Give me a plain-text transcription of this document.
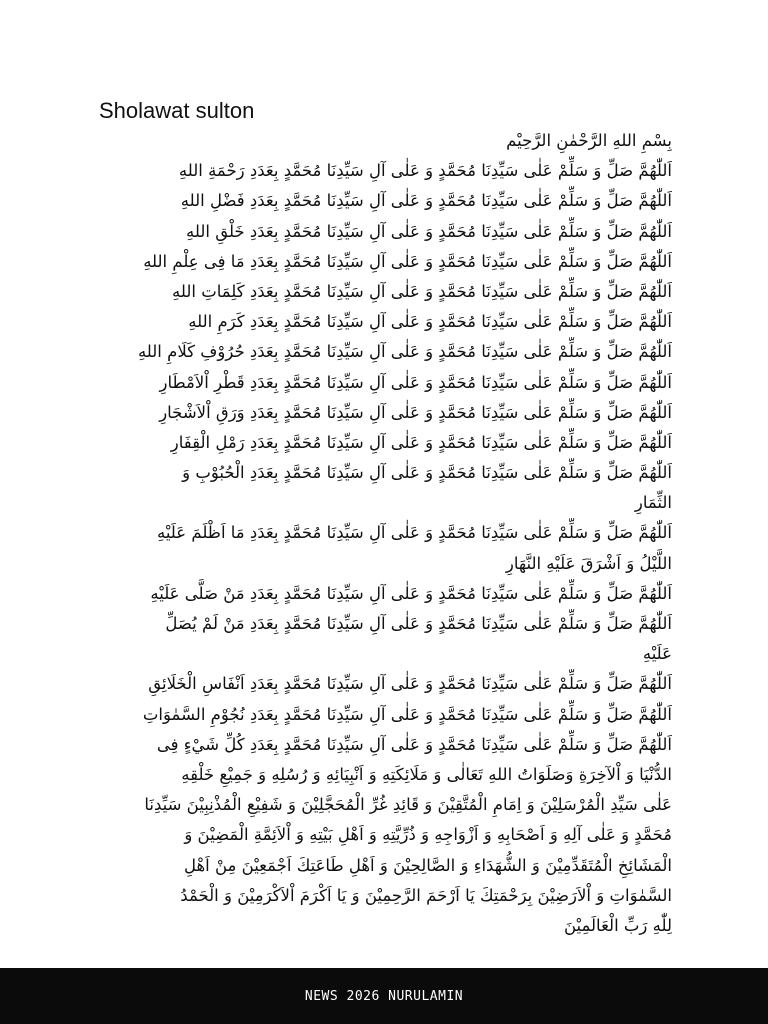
Sholawat sulton
بِسْمِ اللهِ الرَّحْمٰنِ الرَّحِيْم
اَللّٰهُمَّ صَلِّ وَ سَلِّمْ عَلٰى سَيِّدِنَا مُحَمَّدٍ وَ عَلٰى آلِ سَيِّدِنَا مُحَمَّدٍ بِعَدَدِ رَحْمَةِ اللهِ
اَللّٰهُمَّ صَلِّ وَ سَلِّمْ عَلٰى سَيِّدِنَا مُحَمَّدٍ وَ عَلٰى آلِ سَيِّدِنَا مُحَمَّدٍ بِعَدَدِ فَضْلِ اللهِ
اَللّٰهُمَّ صَلِّ وَ سَلِّمْ عَلٰى سَيِّدِنَا مُحَمَّدٍ وَ عَلٰى آلِ سَيِّدِنَا مُحَمَّدٍ بِعَدَدِ خَلْقِ اللهِ
اَللّٰهُمَّ صَلِّ وَ سَلِّمْ عَلٰى سَيِّدِنَا مُحَمَّدٍ وَ عَلٰى آلِ سَيِّدِنَا مُحَمَّدٍ بِعَدَدِ مَا فِى عِلْمِ اللهِ
اَللّٰهُمَّ صَلِّ وَ سَلِّمْ عَلٰى سَيِّدِنَا مُحَمَّدٍ وَ عَلٰى آلِ سَيِّدِنَا مُحَمَّدٍ بِعَدَدِ كَلِمَاتِ اللهِ
اَللّٰهُمَّ صَلِّ وَ سَلِّمْ عَلٰى سَيِّدِنَا مُحَمَّدٍ وَ عَلٰى آلِ سَيِّدِنَا مُحَمَّدٍ بِعَدَدِ كَرَمِ اللهِ
اَللّٰهُمَّ صَلِّ وَ سَلِّمْ عَلٰى سَيِّدِنَا مُحَمَّدٍ وَ عَلٰى آلِ سَيِّدِنَا مُحَمَّدٍ بِعَدَدِ حُرُوْفِ كَلَامِ اللهِ
اَللّٰهُمَّ صَلِّ وَ سَلِّمْ عَلٰى سَيِّدِنَا مُحَمَّدٍ وَ عَلٰى آلِ سَيِّدِنَا مُحَمَّدٍ بِعَدَدِ قَطْرِ اْلاَمْطَارِ
اَللّٰهُمَّ صَلِّ وَ سَلِّمْ عَلٰى سَيِّدِنَا مُحَمَّدٍ وَ عَلٰى آلِ سَيِّدِنَا مُحَمَّدٍ بِعَدَدِ وَرَقِ اْلاَشْجَارِ
اَللّٰهُمَّ صَلِّ وَ سَلِّمْ عَلٰى سَيِّدِنَا مُحَمَّدٍ وَ عَلٰى آلِ سَيِّدِنَا مُحَمَّدٍ بِعَدَدِ رَمْلِ الْقِفَارِ
اَللّٰهُمَّ صَلِّ وَ سَلِّمْ عَلٰى سَيِّدِنَا مُحَمَّدٍ وَ عَلٰى آلِ سَيِّدِنَا مُحَمَّدٍ بِعَدَدِ الْحُبُوْبِ وَ
الثِّمَارِ
اَللّٰهُمَّ صَلِّ وَ سَلِّمْ عَلٰى سَيِّدِنَا مُحَمَّدٍ وَ عَلٰى آلِ سَيِّدِنَا مُحَمَّدٍ بِعَدَدِ مَا اَظْلَمَ عَلَيْهِ
اللَّيْلُ وَ اَشْرَقَ عَلَيْهِ النَّهَارِ
اَللّٰهُمَّ صَلِّ وَ سَلِّمْ عَلٰى سَيِّدِنَا مُحَمَّدٍ وَ عَلٰى آلِ سَيِّدِنَا مُحَمَّدٍ بِعَدَدِ مَنْ صَلَّى عَلَيْهِ
اَللّٰهُمَّ صَلِّ وَ سَلِّمْ عَلٰى سَيِّدِنَا مُحَمَّدٍ وَ عَلٰى آلِ سَيِّدِنَا مُحَمَّدٍ بِعَدَدِ مَنْ لَمْ يُصَلِّ
عَلَيْهِ
اَللّٰهُمَّ صَلِّ وَ سَلِّمْ عَلٰى سَيِّدِنَا مُحَمَّدٍ وَ عَلٰى آلِ سَيِّدِنَا مُحَمَّدٍ بِعَدَدِ اَنْفَاسِ الْخَلَائِقِ
اَللّٰهُمَّ صَلِّ وَ سَلِّمْ عَلٰى سَيِّدِنَا مُحَمَّدٍ وَ عَلٰى آلِ سَيِّدِنَا مُحَمَّدٍ بِعَدَدِ نُجُوْمِ السَّمٰوَاتِ
اَللّٰهُمَّ صَلِّ وَ سَلِّمْ عَلٰى سَيِّدِنَا مُحَمَّدٍ وَ عَلٰى آلِ سَيِّدِنَا مُحَمَّدٍ بِعَدَدِ كُلِّ شَيْءٍ فِى
الدُّنْيَا وَ اْلآخِرَةِ وَصَلَوَاتُ اللهِ تَعَالٰى وَ مَلَائِكَتِهِ وَ اَنْبِيَائِهِ وَ رُسُلِهِ وَ جَمِيْعِ خَلْقِهِ
عَلٰى سَيِّدِ الْمُرْسَلِيْنَ وَ اِمَامِ الْمُتَّقِيْنَ وَ قَائِدِ غُرِّ الْمُحَجَّلِيْنَ وَ شَفِيْعِ الْمُذْنِبِيْنَ سَيِّدِنَا
مُحَمَّدٍ وَ عَلٰى آلِهِ وَ اَصْحَابِهِ وَ اَزْوَاجِهِ وَ ذُرِّيَّتِهِ وَ اَهْلِ بَيْتِهِ وَ اْلاَئِمَّةِ الْمَضِيْنَ وَ
الْمَشَائِخِ الْمُتَقَدِّمِيْنَ وَ الشُّهَدَاءِ وَ الصَّالِحِيْنَ وَ اَهْلِ طَاعَتِكَ اَجْمَعِيْنَ مِنْ اَهْلِ
السَّمٰوَاتِ وَ اْلاَرَضِيْنَ بِرَحْمَتِكَ يَا اَرْحَمَ الرَّحِمِيْنَ وَ يَا اَكْرَمَ اْلاَكْرَمِيْنَ وَ الْحَمْدُ
لِلّٰهِ رَبِّ الْعَالَمِيْنَ
NEWS 2026 NURULAMIN
